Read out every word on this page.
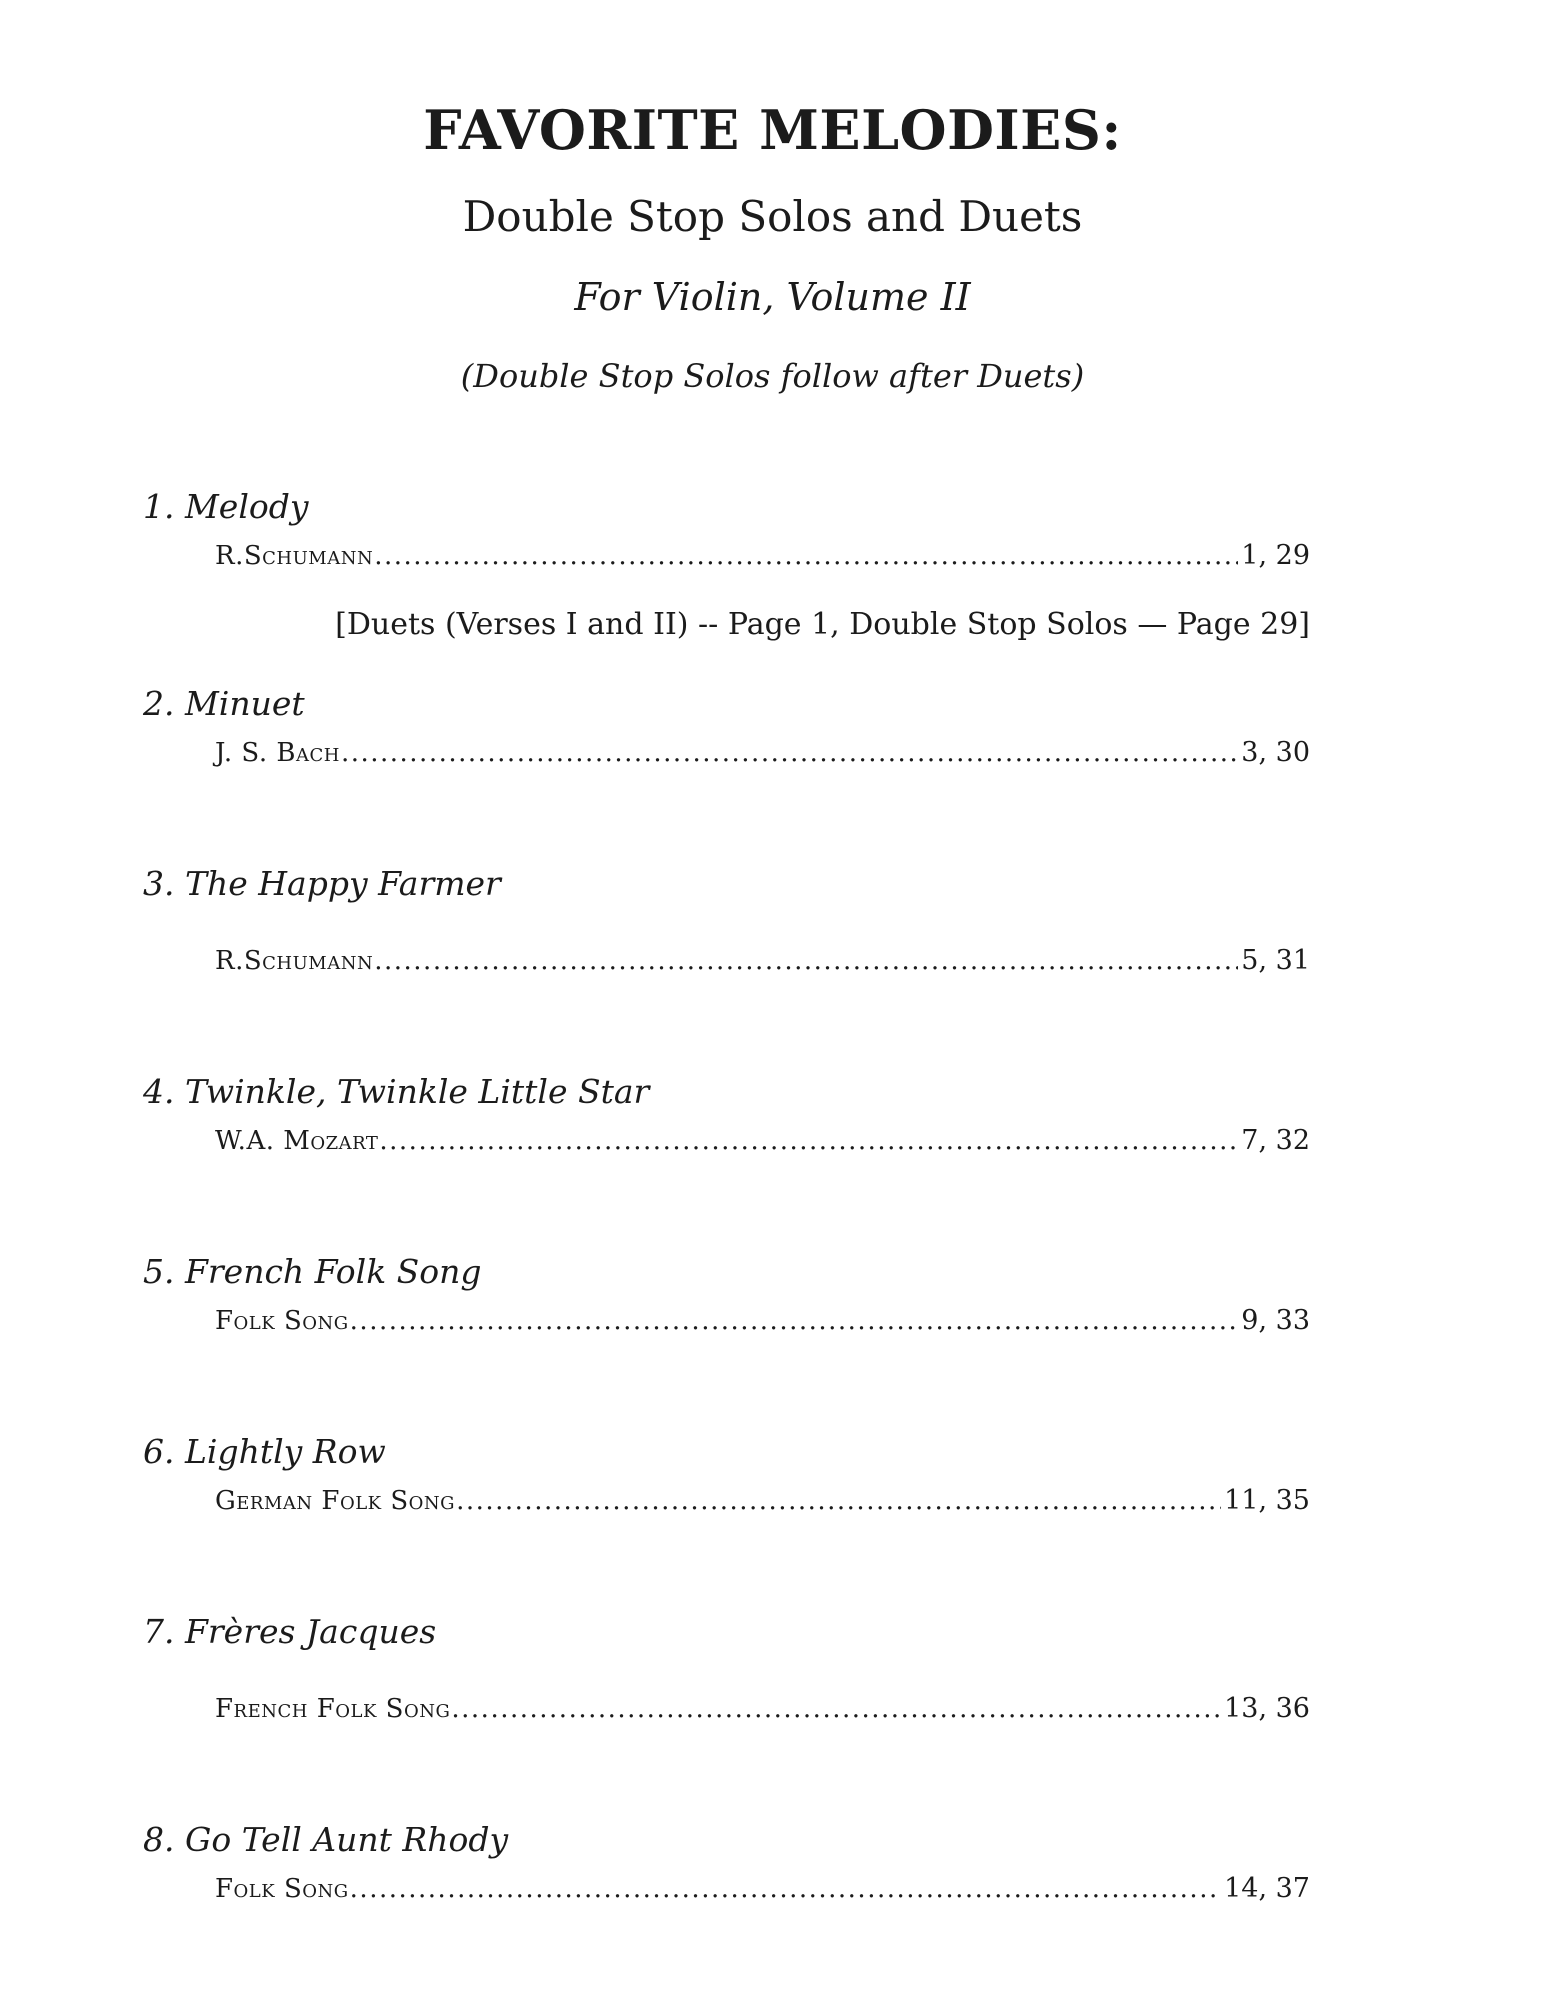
FAVORITE MELODIES:
Double Stop Solos and Duets
For Violin, Volume II
(Double Stop Solos follow after Duets)
1. Melody
R.Schumann .....	1, 29
[Duets (Verses I and II) -- Page 1, Double Stop Solos — Page 29]
2. Minuet
J. S. Bach .....	3, 30
3. The Happy Farmer
R.Schumann .....	5, 31
4. Twinkle, Twinkle Little Star
W.A. Mozart .....	7, 32
5. French Folk Song
Folk Song .....	9, 33
6. Lightly Row
German Folk Song .....	11, 35
7. Frères Jacques
French Folk Song .....	13, 36
8. Go Tell Aunt Rhody
Folk Song .....	14, 37
